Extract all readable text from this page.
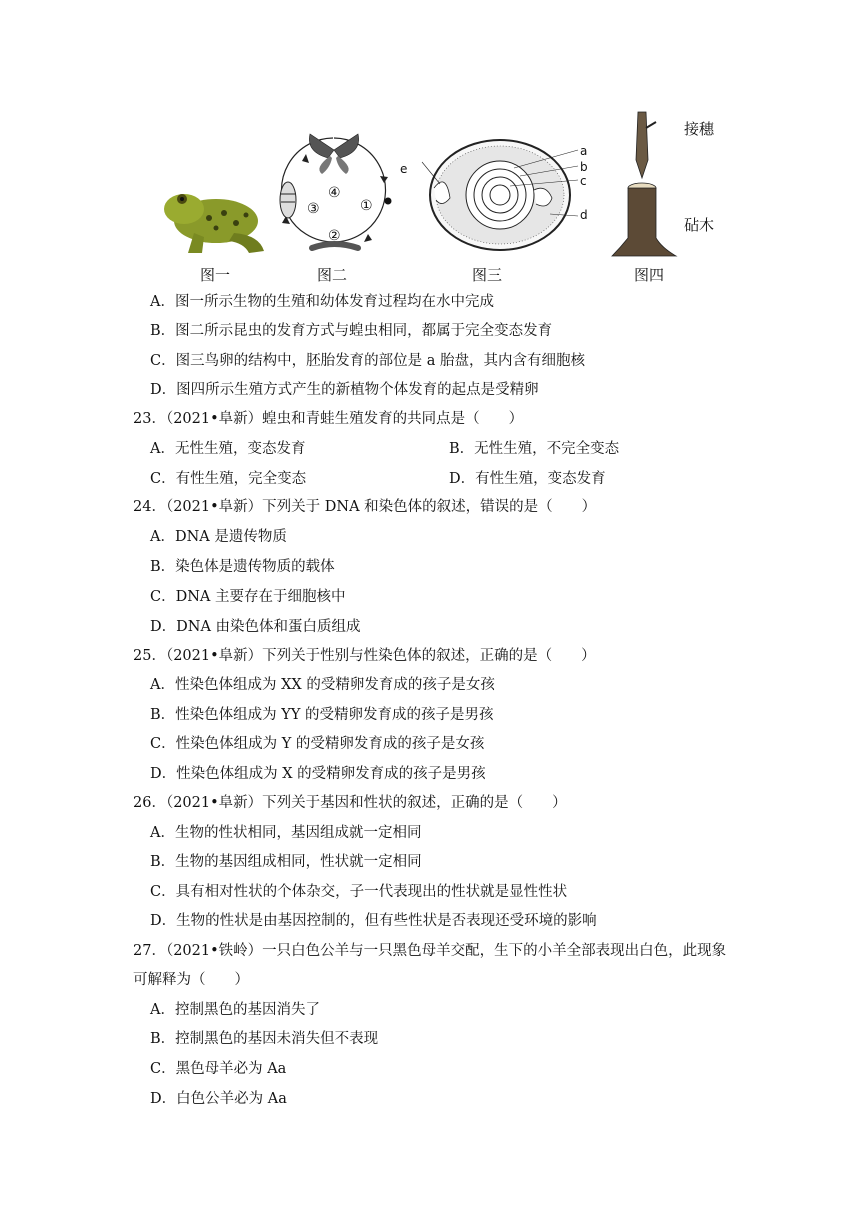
图一
④
③	①
②
图二
e
a
b
c
d
图三
接穗
砧木
图四
A．图一所示生物的生殖和幼体发育过程均在水中完成
B．图二所示昆虫的发育方式与蝗虫相同，都属于完全变态发育
C．图三鸟卵的结构中，胚胎发育的部位是 a 胎盘，其内含有细胞核
D．图四所示生殖方式产生的新植物个体发育的起点是受精卵
23．（2021•阜新）蝗虫和青蛙生殖发育的共同点是（　　）
A．无性生殖，变态发育	B．无性生殖，不完全变态
C．有性生殖，完全变态	D．有性生殖，变态发育
24．（2021•阜新）下列关于 DNA 和染色体的叙述，错误的是（　　）
A．DNA 是遗传物质
B．染色体是遗传物质的载体
C．DNA 主要存在于细胞核中
D．DNA 由染色体和蛋白质组成
25．（2021•阜新）下列关于性别与性染色体的叙述，正确的是（　　）
A．性染色体组成为 XX 的受精卵发育成的孩子是女孩
B．性染色体组成为 YY 的受精卵发育成的孩子是男孩
C．性染色体组成为 Y 的受精卵发育成的孩子是女孩
D．性染色体组成为 X 的受精卵发育成的孩子是男孩
26．（2021•阜新）下列关于基因和性状的叙述，正确的是（　　）
A．生物的性状相同，基因组成就一定相同
B．生物的基因组成相同，性状就一定相同
C．具有相对性状的个体杂交，子一代表现出的性状就是显性性状
D．生物的性状是由基因控制的，但有些性状是否表现还受环境的影响
27．（2021•铁岭）一只白色公羊与一只黑色母羊交配，生下的小羊全部表现出白色，此现象
可解释为（　　）
A．控制黑色的基因消失了
B．控制黑色的基因未消失但不表现
C．黑色母羊必为 Aa
D．白色公羊必为 Aa
